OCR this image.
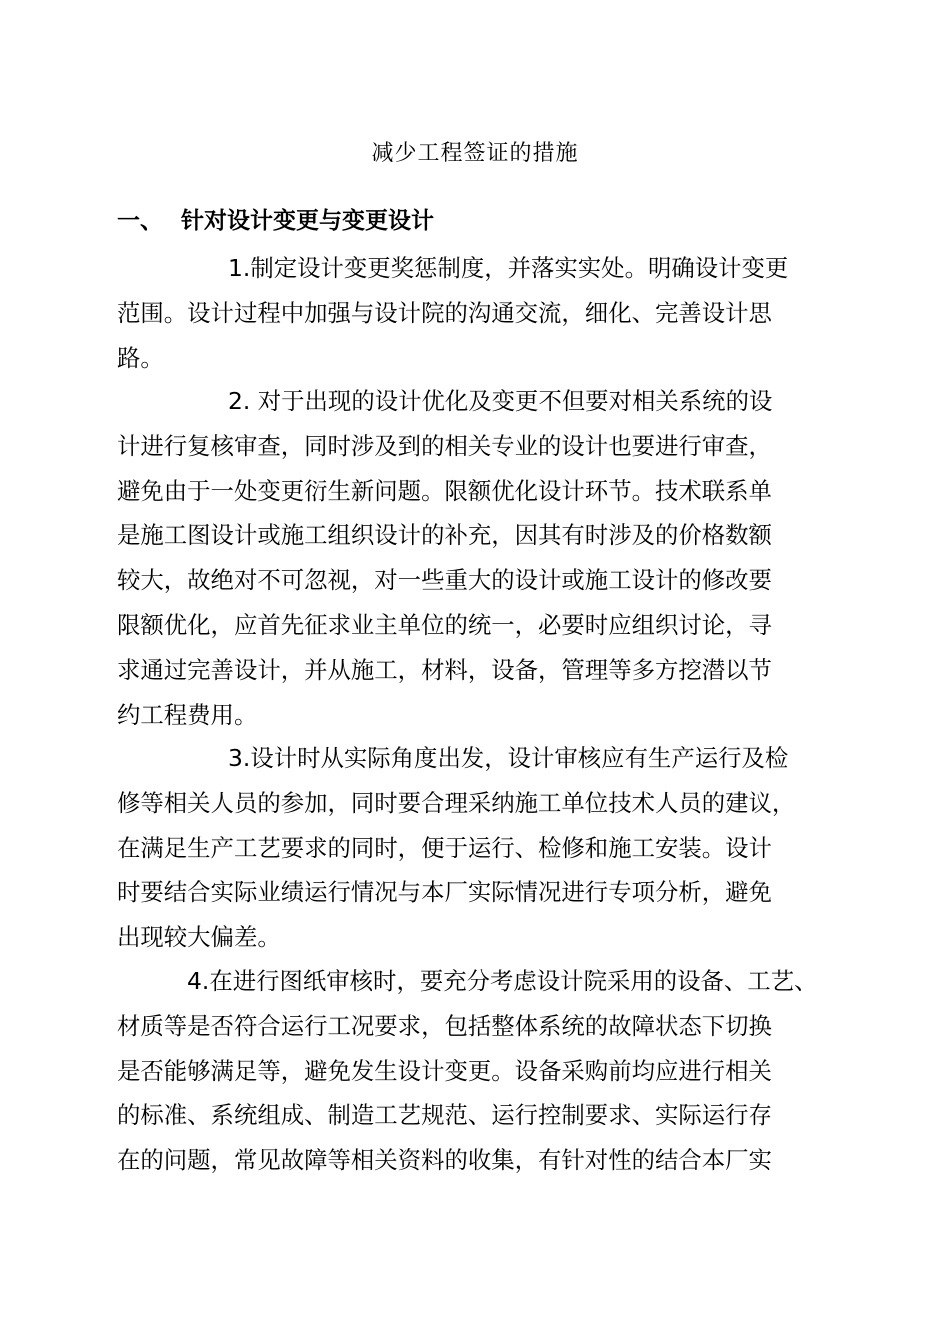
减少工程签证的措施
一、 针对设计变更与变更设计
1.制定设计变更奖惩制度，并落实实处。明确设计变更
范围。设计过程中加强与设计院的沟通交流，细化、完善设计思
路。
2. 对于出现的设计优化及变更不但要对相关系统的设
计进行复核审查，同时涉及到的相关专业的设计也要进行审查，
避免由于一处变更衍生新问题。限额优化设计环节。技术联系单
是施工图设计或施工组织设计的补充，因其有时涉及的价格数额
较大，故绝对不可忽视，对一些重大的设计或施工设计的修改要
限额优化，应首先征求业主单位的统一，必要时应组织讨论，寻
求通过完善设计，并从施工，材料，设备，管理等多方挖潜以节
约工程费用。
3.设计时从实际角度出发，设计审核应有生产运行及检
修等相关人员的参加，同时要合理采纳施工单位技术人员的建议，
在满足生产工艺要求的同时，便于运行、检修和施工安装。设计
时要结合实际业绩运行情况与本厂实际情况进行专项分析，避免
出现较大偏差。
4.在进行图纸审核时，要充分考虑设计院采用的设备、工艺、
材质等是否符合运行工况要求，包括整体系统的故障状态下切换
是否能够满足等，避免发生设计变更。设备采购前均应进行相关
的标准、系统组成、制造工艺规范、运行控制要求、实际运行存
在的问题，常见故障等相关资料的收集，有针对性的结合本厂实
